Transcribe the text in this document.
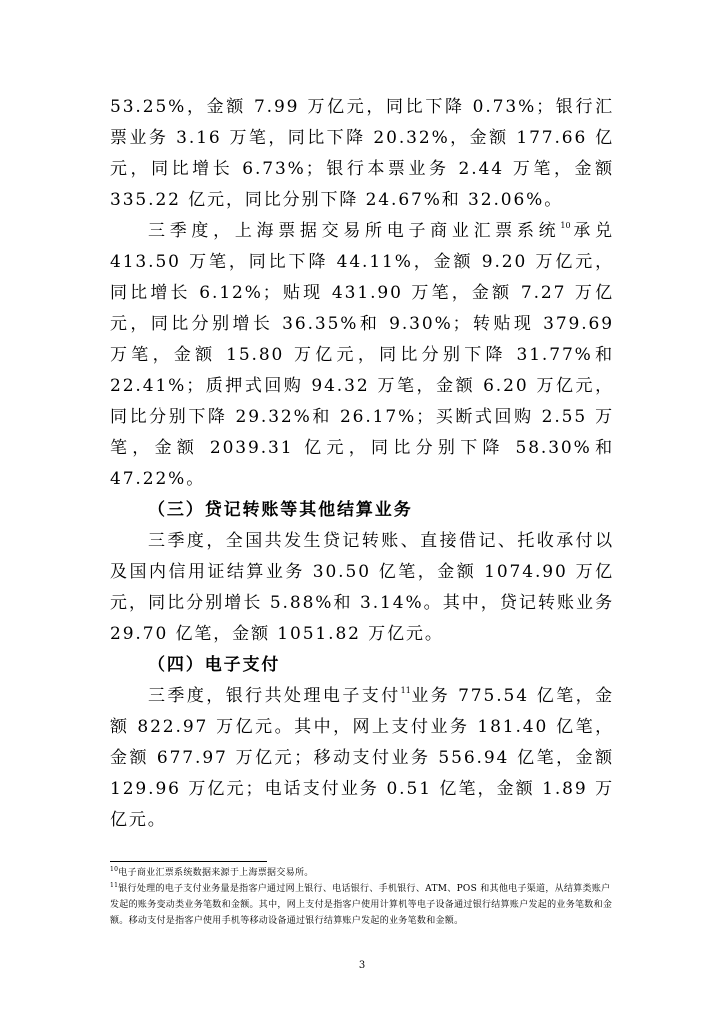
53.25%，金额 7.99 万亿元，同比下降 0.73%；银行汇票业务 3.16 万笔，同比下降 20.32%，金额 177.66 亿元，同比增长 6.73%；银行本票业务 2.44 万笔，金额 335.22 亿元，同比分别下降 24.67%和 32.06%。

三季度，上海票据交易所电子商业汇票系统$^{10}$承兑 413.50 万笔，同比下降 44.11%，金额 9.20 万亿元，同比增长 6.12%；贴现 431.90 万笔，金额 7.27 万亿元，同比分别增长 36.35%和 9.30%；转贴现 379.69 万笔，金额 15.80 万亿元，同比分别下降 31.77%和 22.41%；质押式回购 94.32 万笔，金额 6.20 万亿元，同比分别下降 29.32%和 26.17%；买断式回购 2.55 万笔，金额 2039.31 亿元，同比分别下降 58.30%和 47.22%。

（三）贷记转账等其他结算业务

三季度，全国共发生贷记转账、直接借记、托收承付以及国内信用证结算业务 30.50 亿笔，金额 1074.90 万亿元，同比分别增长 5.88%和 3.14%。其中，贷记转账业务 29.70 亿笔，金额 1051.82 万亿元。

（四）电子支付

三季度，银行共处理电子支付$^{11}$业务 775.54 亿笔，金额 822.97 万亿元。其中，网上支付业务 181.40 亿笔，金额 677.97 万亿元；移动支付业务 556.94 亿笔，金额 129.96 万亿元；电话支付业务 0.51 亿笔，金额 1.89 万亿元。

$^{10}$电子商业汇票系统数据来源于上海票据交易所。

$^{11}$银行处理的电子支付业务量是指客户通过网上银行、电话银行、手机银行、ATM、POS 和其他电子渠道，从结算类账户发起的账务变动类业务笔数和金额。其中，网上支付是指客户使用计算机等电子设备通过银行结算账户发起的业务笔数和金额。移动支付是指客户使用手机等移动设备通过银行结算账户发起的业务笔数和金额。

3
